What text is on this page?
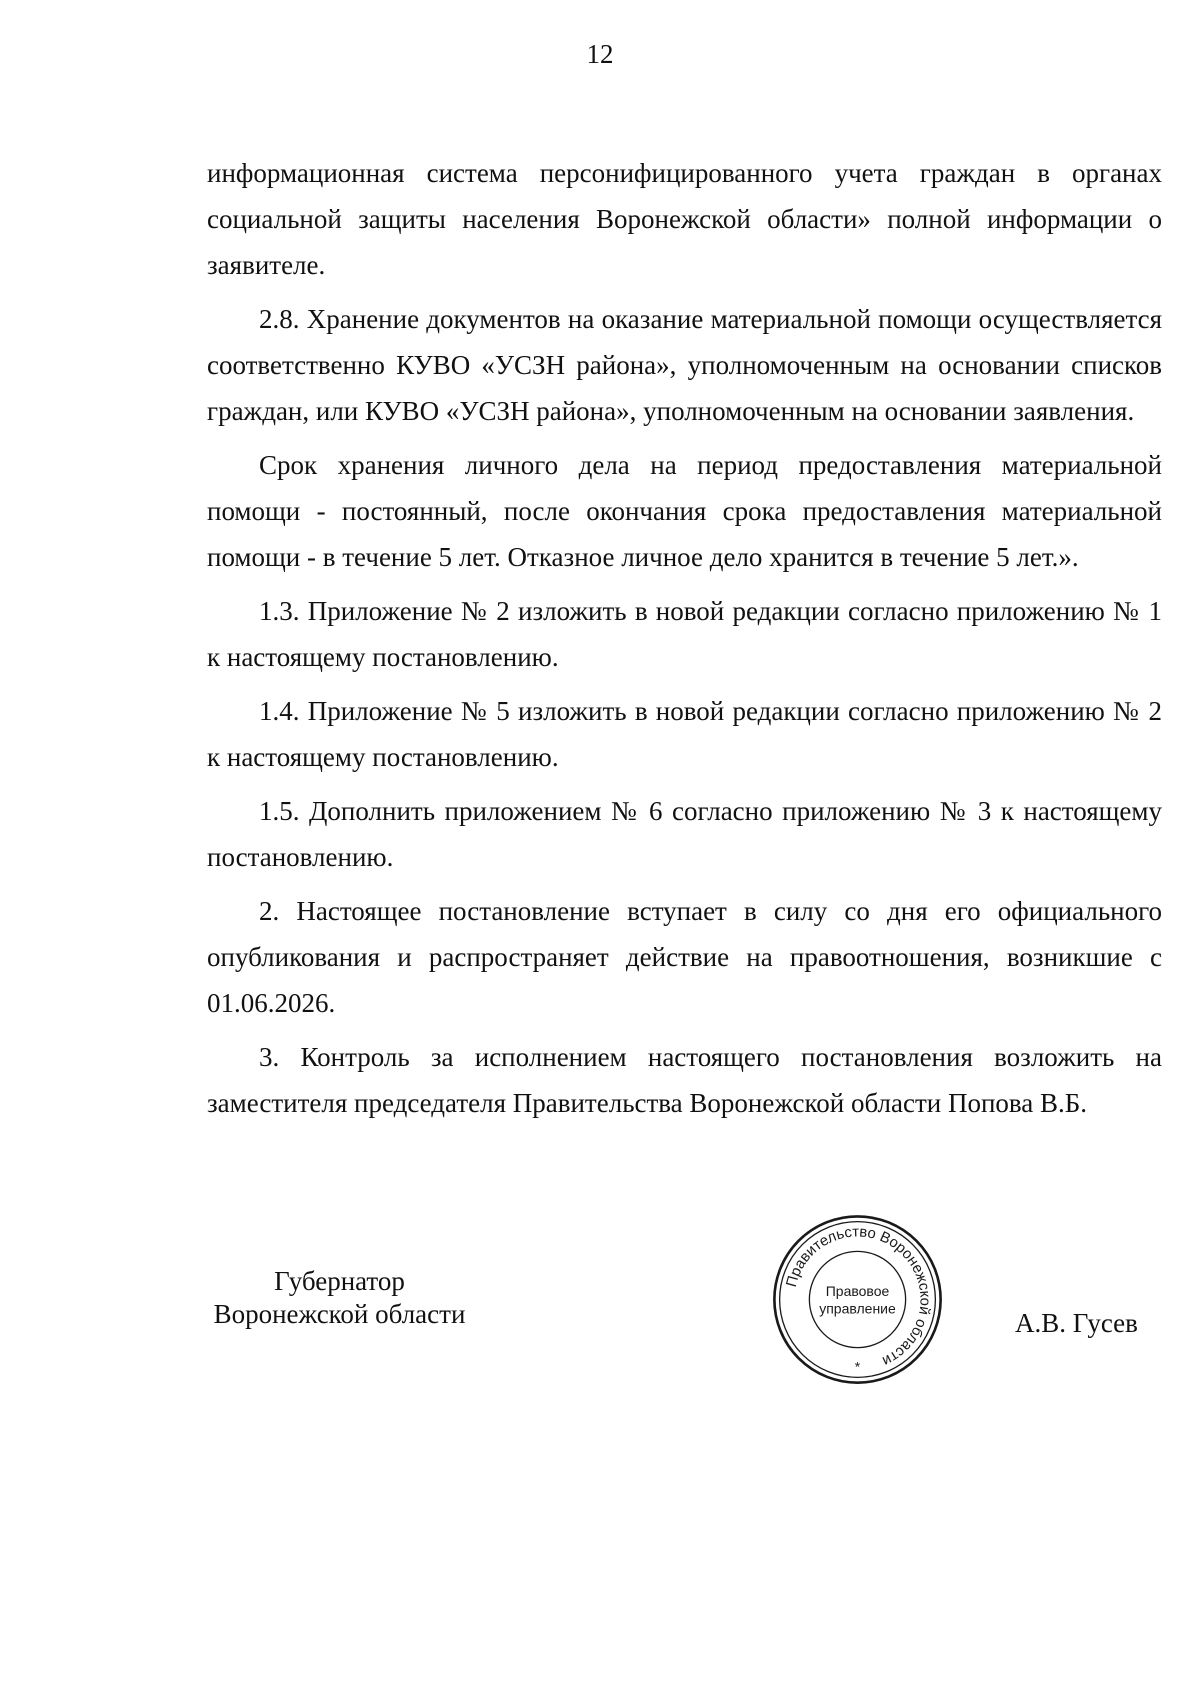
12

информационная система персонифицированного учета граждан в органах социальной защиты населения Воронежской области» полной информации о заявителе.

2.8. Хранение документов на оказание материальной помощи осуществляется соответственно КУВО «УСЗН района», уполномоченным на основании списков граждан, или КУВО «УСЗН района», уполномоченным на основании заявления.

Срок хранения личного дела на период предоставления материальной помощи - постоянный, после окончания срока предоставления материальной помощи - в течение 5 лет. Отказное личное дело хранится в течение 5 лет.».

1.3. Приложение № 2 изложить в новой редакции согласно приложению № 1 к настоящему постановлению.

1.4. Приложение № 5 изложить в новой редакции согласно приложению № 2 к настоящему постановлению.

1.5. Дополнить приложением № 6 согласно приложению № 3 к настоящему постановлению.

2. Настоящее постановление вступает в силу со дня его официального опубликования и распространяет действие на правоотношения, возникшие с 01.06.2026.

3. Контроль за исполнением настоящего постановления возложить на заместителя председателя Правительства Воронежской области Попова В.Б.

Губернатор
Воронежской области
Правительство Воронежской области
Правовое
управление
*
А.В. Гусев
